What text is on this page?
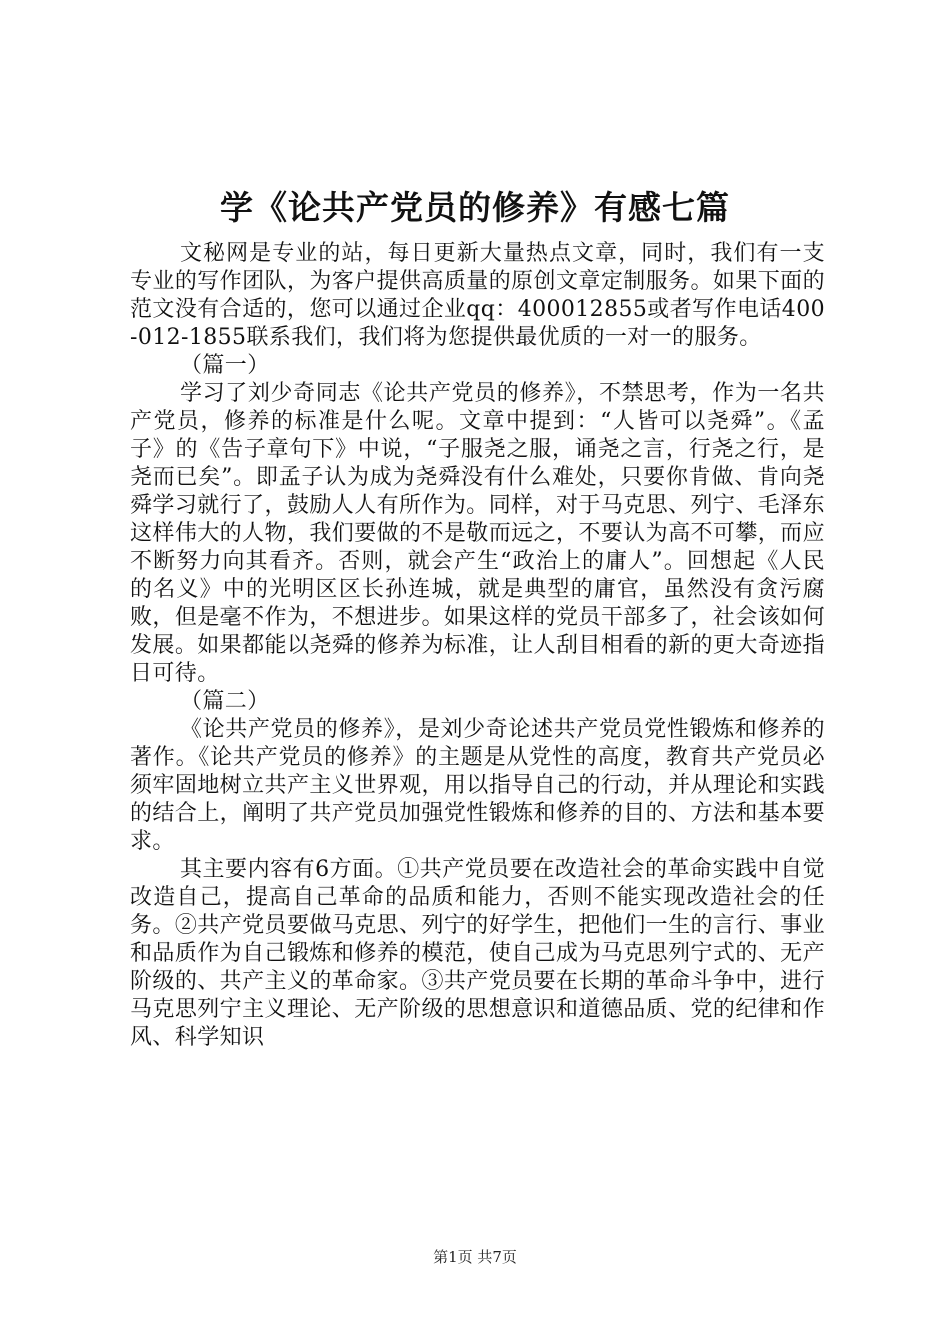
学《论共产党员的修养》有感七篇

文秘网是专业的站，每日更新大量热点文章，同时，我们有一支专业的写作团队，为客户提供高质量的原创文章定制服务。如果下面的范文没有合适的，您可以通过企业qq：400012855或者写作电话400-012-1855联系我们，我们将为您提供最优质的一对一的服务。

（篇一）

学习了刘少奇同志《论共产党员的修养》，不禁思考，作为一名共产党员，修养的标准是什么呢。文章中提到：“人皆可以尧舜”。《孟子》的《告子章句下》中说，“子服尧之服，诵尧之言，行尧之行，是尧而已矣”。即孟子认为成为尧舜没有什么难处，只要你肯做、肯向尧舜学习就行了，鼓励人人有所作为。同样，对于马克思、列宁、毛泽东这样伟大的人物，我们要做的不是敬而远之，不要认为高不可攀，而应不断努力向其看齐。否则，就会产生“政治上的庸人”。回想起《人民的名义》中的光明区区长孙连城，就是典型的庸官，虽然没有贪污腐败，但是毫不作为，不想进步。如果这样的党员干部多了，社会该如何发展。如果都能以尧舜的修养为标准，让人刮目相看的新的更大奇迹指日可待。

（篇二）

《论共产党员的修养》，是刘少奇论述共产党员党性锻炼和修养的著作。《论共产党员的修养》的主题是从党性的高度，教育共产党员必须牢固地树立共产主义世界观，用以指导自己的行动，并从理论和实践的结合上，阐明了共产党员加强党性锻炼和修养的目的、方法和基本要求。

其主要内容有6方面。①共产党员要在改造社会的革命实践中自觉改造自己，提高自己革命的品质和能力，否则不能实现改造社会的任务。②共产党员要做马克思、列宁的好学生，把他们一生的言行、事业和品质作为自己锻炼和修养的模范，使自己成为马克思列宁式的、无产阶级的、共产主义的革命家。③共产党员要在长期的革命斗争中，进行马克思列宁主义理论、无产阶级的思想意识和道德品质、党的纪律和作风、科学知识

第1页 共7页
